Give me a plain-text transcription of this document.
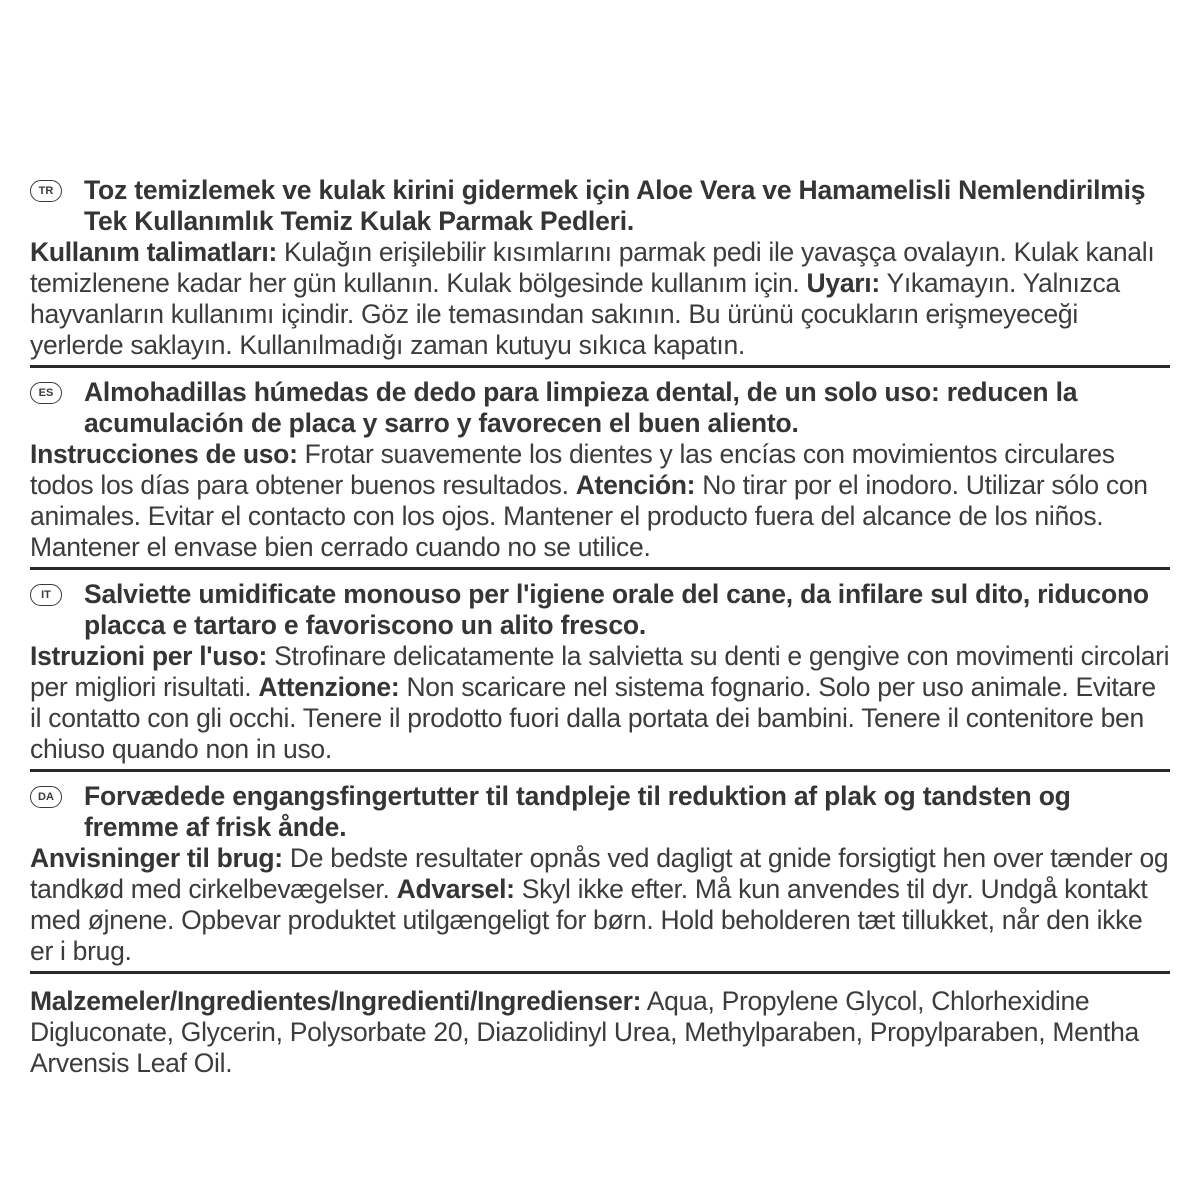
TR	Toz temizlemek ve kulak kirini gidermek için Aloe Vera ve Hamamelisli Nemlendirilmiş Tek Kullanımlık Temiz Kulak Parmak Pedleri.
Kullanım talimatları: Kulağın erişilebilir kısımlarını parmak pedi ile yavaşça ovalayın. Kulak kanalı temizlenene kadar her gün kullanın. Kulak bölgesinde kullanım için. Uyarı: Yıkamayın. Yalnızca hayvanların kullanımı içindir. Göz ile temasından sakının. Bu ürünü çocukların erişmeyeceği yerlerde saklayın. Kullanılmadığı zaman kutuyu sıkıca kapatın.
ES	Almohadillas húmedas de dedo para limpieza dental, de un solo uso: reducen la acumulación de placa y sarro y favorecen el buen aliento.
Instrucciones de uso: Frotar suavemente los dientes y las encías con movimientos circulares todos los días para obtener buenos resultados. Atención: No tirar por el inodoro. Utilizar sólo con animales. Evitar el contacto con los ojos. Mantener el producto fuera del alcance de los niños. Mantener el envase bien cerrado cuando no se utilice.
IT	Salviette umidificate monouso per l'igiene orale del cane, da infilare sul dito, riducono placca e tartaro e favoriscono un alito fresco.
Istruzioni per l'uso: Strofinare delicatamente la salvietta su denti e gengive con movimenti circolari per migliori risultati. Attenzione: Non scaricare nel sistema fognario. Solo per uso animale. Evitare il contatto con gli occhi. Tenere il prodotto fuori dalla portata dei bambini. Tenere il contenitore ben chiuso quando non in uso.
DA	Forvædede engangsfingertutter til tandpleje til reduktion af plak og tandsten og fremme af frisk ånde.
Anvisninger til brug: De bedste resultater opnås ved dagligt at gnide forsigtigt hen over tænder og tandkød med cirkelbevægelser. Advarsel: Skyl ikke efter. Må kun anvendes til dyr. Undgå kontakt med øjnene. Opbevar produktet utilgængeligt for børn. Hold beholderen tæt tillukket, når den ikke er i brug.
Malzemeler/Ingredientes/Ingredienti/Ingredienser: Aqua, Propylene Glycol, Chlorhexidine Digluconate, Glycerin, Polysorbate 20, Diazolidinyl Urea, Methylparaben, Propylparaben, Mentha Arvensis Leaf Oil.
